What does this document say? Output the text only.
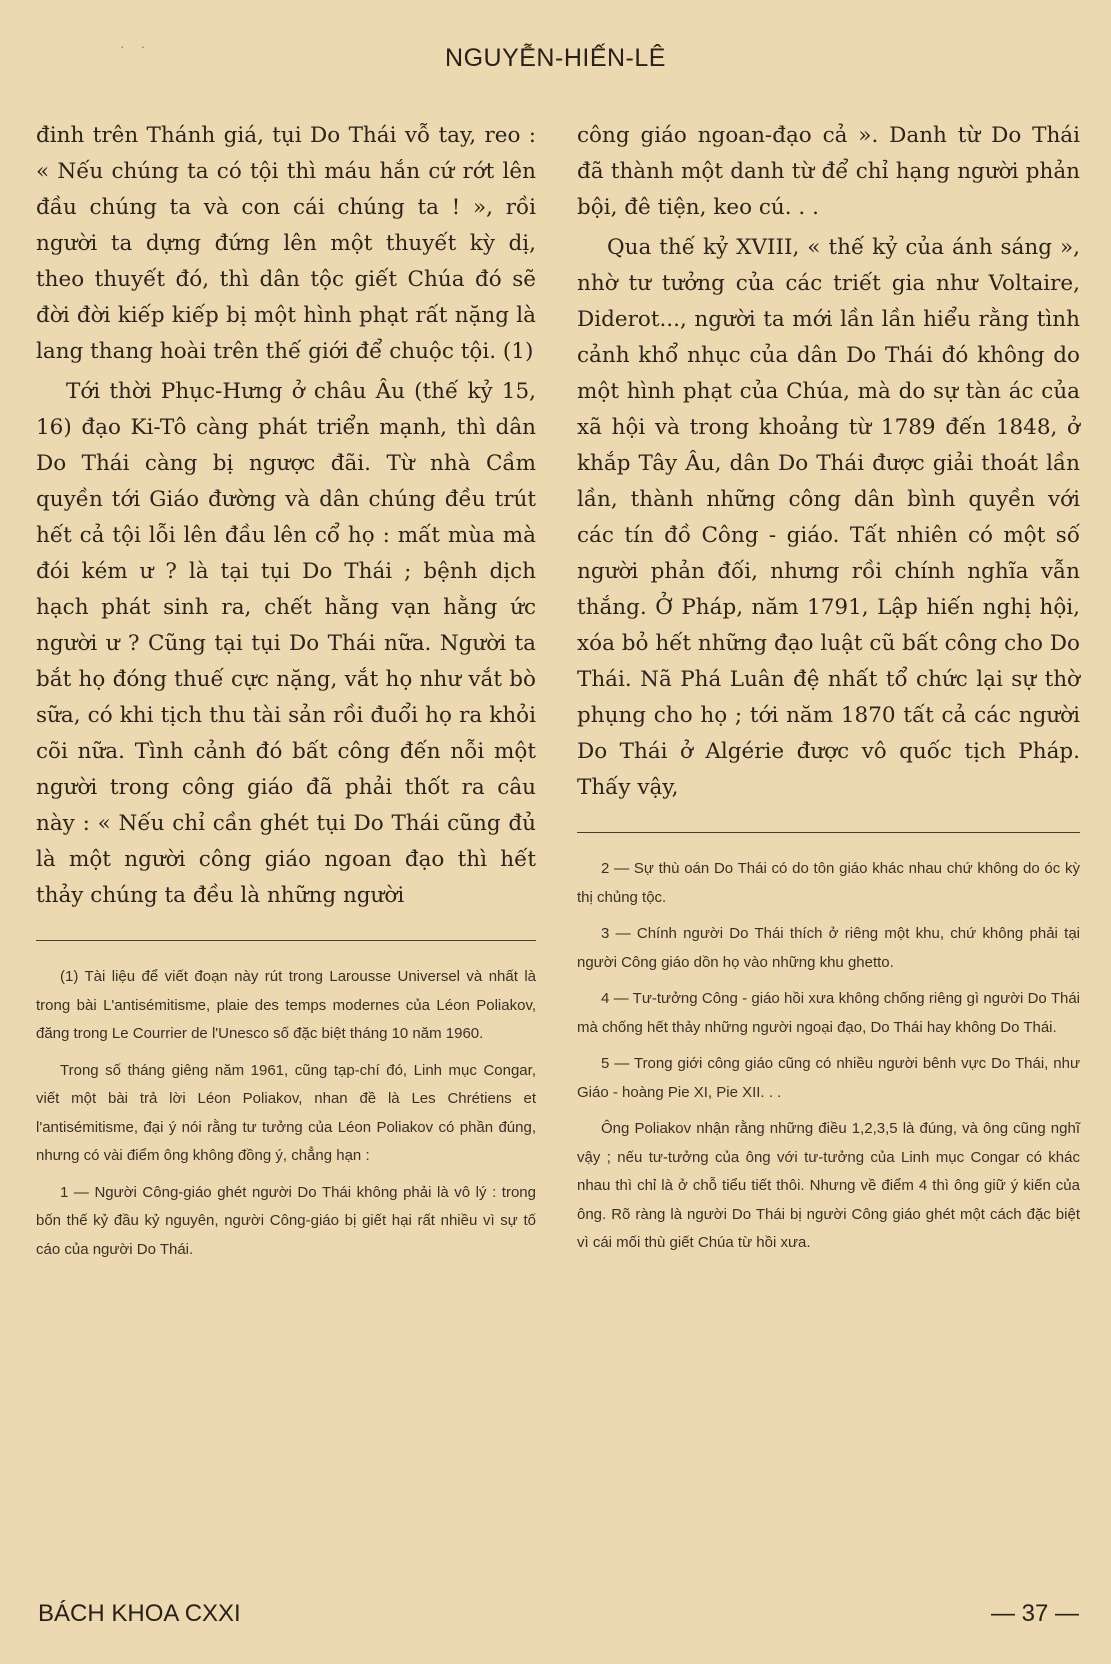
· ·	NGUYỄN-HIẾN-LÊ

đinh trên Thánh giá, tụi Do Thái vỗ tay, reo : « Nếu chúng ta có tội thì máu hắn cứ rớt lên đầu chúng ta và con cái chúng ta ! », rồi người ta dựng đứng lên một thuyết kỳ dị, theo thuyết đó, thì dân tộc giết Chúa đó sẽ đời đời kiếp kiếp bị một hình phạt rất nặng là lang thang hoài trên thế giới để chuộc tội. (1)

Tới thời Phục-Hưng ở châu Âu (thế kỷ 15, 16) đạo Ki-Tô càng phát triển mạnh, thì dân Do Thái càng bị ngược đãi. Từ nhà Cầm quyền tới Giáo đường và dân chúng đều trút hết cả tội lỗi lên đầu lên cổ họ : mất mùa mà đói kém ư ? là tại tụi Do Thái ; bệnh dịch hạch phát sinh ra, chết hằng vạn hằng ức người ư ? Cũng tại tụi Do Thái nữa. Người ta bắt họ đóng thuế cực nặng, vắt họ như vắt bò sữa, có khi tịch thu tài sản rồi đuổi họ ra khỏi cõi nữa. Tình cảnh đó bất công đến nỗi một người trong công giáo đã phải thốt ra câu này : « Nếu chỉ cần ghét tụi Do Thái cũng đủ là một người công giáo ngoan đạo thì hết thảy chúng ta đều là những người

(1) Tài liệu để viết đoạn này rút trong Larousse Universel và nhất là trong bài L'antisémitisme, plaie des temps modernes của Léon Poliakov, đăng trong Le Courrier de l'Unesco số đặc biệt tháng 10 năm 1960.

Trong số tháng giêng năm 1961, cũng tạp-chí đó, Linh mục Congar, viết một bài trả lời Léon Poliakov, nhan đề là Les Chrétiens et l'antisémitisme, đại ý nói rằng tư tưởng của Léon Poliakov có phần đúng, nhưng có vài điểm ông không đồng ý, chẳng hạn :

1 — Người Công-giáo ghét người Do Thái không phải là vô lý : trong bốn thế kỷ đầu kỷ nguyên, người Công-giáo bị giết hại rất nhiều vì sự tố cáo của người Do Thái.

công giáo ngoan-đạo cả ». Danh từ Do Thái đã thành một danh từ để chỉ hạng người phản bội, đê tiện, keo cú. . .

Qua thế kỷ XVIII, « thế kỷ của ánh sáng », nhờ tư tưởng của các triết gia như Voltaire, Diderot..., người ta mới lần lần hiểu rằng tình cảnh khổ nhục của dân Do Thái đó không do một hình phạt của Chúa, mà do sự tàn ác của xã hội và trong khoảng từ 1789 đến 1848, ở khắp Tây Âu, dân Do Thái được giải thoát lần lần, thành những công dân bình quyền với các tín đồ Công - giáo. Tất nhiên có một số người phản đối, nhưng rồi chính nghĩa vẫn thắng. Ở Pháp, năm 1791, Lập hiến nghị hội, xóa bỏ hết những đạo luật cũ bất công cho Do Thái. Nã Phá Luân đệ nhất tổ chức lại sự thờ phụng cho họ ; tới năm 1870 tất cả các người Do Thái ở Algérie được vô quốc tịch Pháp. Thấy vậy,

2 — Sự thù oán Do Thái có do tôn giáo khác nhau chứ không do óc kỳ thị chủng tộc.

3 — Chính người Do Thái thích ở riêng một khu, chứ không phải tại người Công giáo dồn họ vào những khu ghetto.

4 — Tư-tưởng Công - giáo hồi xưa không chống riêng gì người Do Thái mà chống hết thảy những người ngoại đạo, Do Thái hay không Do Thái.

5 — Trong giới công giáo cũng có nhiều người bênh vực Do Thái, như Giáo - hoàng Pie XI, Pie XII. . .

Ông Poliakov nhận rằng những điều 1,2,3,5 là đúng, và ông cũng nghĩ vậy ; nếu tư-tưởng của ông với tư-tưởng của Linh mục Congar có khác nhau thì chỉ là ở chỗ tiểu tiết thôi. Nhưng về điểm 4 thì ông giữ ý kiến của ông. Rõ ràng là người Do Thái bị người Công giáo ghét một cách đặc biệt vì cái mối thù giết Chúa từ hồi xưa.

BÁCH KHOA CXXI	— 37 —
